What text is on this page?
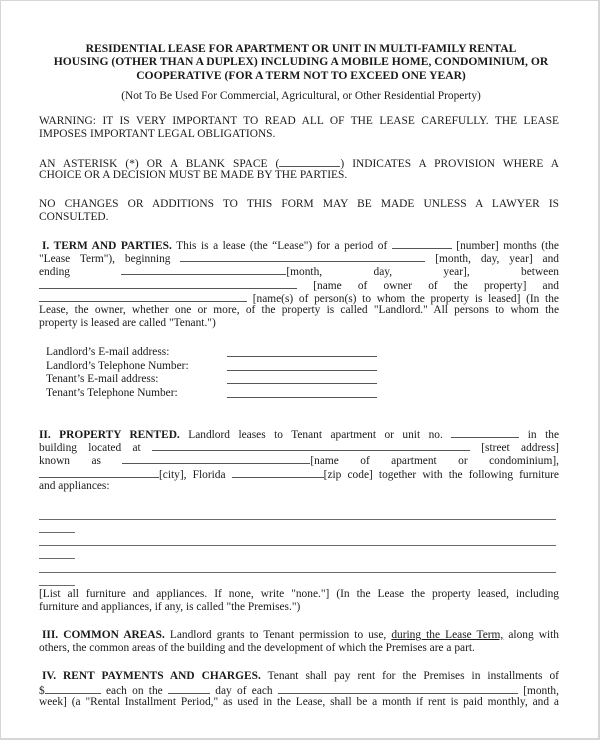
RESIDENTIAL LEASE FOR APARTMENT OR UNIT IN MULTI-FAMILY RENTAL
HOUSING (OTHER THAN A DUPLEX) INCLUDING A MOBILE HOME, CONDOMINIUM, OR
COOPERATIVE (FOR A TERM NOT TO EXCEED ONE YEAR)
(Not To Be Used For Commercial, Agricultural, or Other Residential Property)
WARNING: IT IS VERY IMPORTANT TO READ ALL OF THE LEASE CAREFULLY. THE LEASE
IMPOSES IMPORTANT LEGAL OBLIGATIONS.
AN ASTERISK (*) OR A BLANK SPACE (	) INDICATES A PROVISION WHERE A
CHOICE OR A DECISION MUST BE MADE BY THE PARTIES.
NO CHANGES OR ADDITIONS TO THIS FORM MAY BE MADE UNLESS A LAWYER IS
CONSULTED.
I. TERM AND PARTIES. This is a lease (the “Lease") for a period of	[number] months (the
"Lease Term"), beginning	[month, day, year] and
ending	[month, day, year], between
[name of owner of the property] and
[name(s) of person(s) to whom the property is leased] (In the
Lease, the owner, whether one or more, of the property is called "Landlord." All persons to whom the
property is leased are called "Tenant.")
Landlord’s E-mail address:
Landlord’s Telephone Number:
Tenant’s E-mail address:
Tenant’s Telephone Number:
II. PROPERTY RENTED. Landlord leases to Tenant apartment or unit no.	in the
building located at	[street address]
known as	[name of apartment or condominium],
[city], Florida	[zip code] together with the following furniture
and appliances:
[List all furniture and appliances. If none, write "none."] (In the Lease the property leased, including
furniture and appliances, if any, is called "the Premises.")
III. COMMON AREAS. Landlord grants to Tenant permission to use, during the Lease Term, along with
others, the common areas of the building and the development of which the Premises are a part.
IV. RENT PAYMENTS AND CHARGES. Tenant shall pay rent for the Premises in installments of
$	each on the	day of each	[month,
week] (a "Rental Installment Period," as used in the Lease, shall be a month if rent is paid monthly, and a
